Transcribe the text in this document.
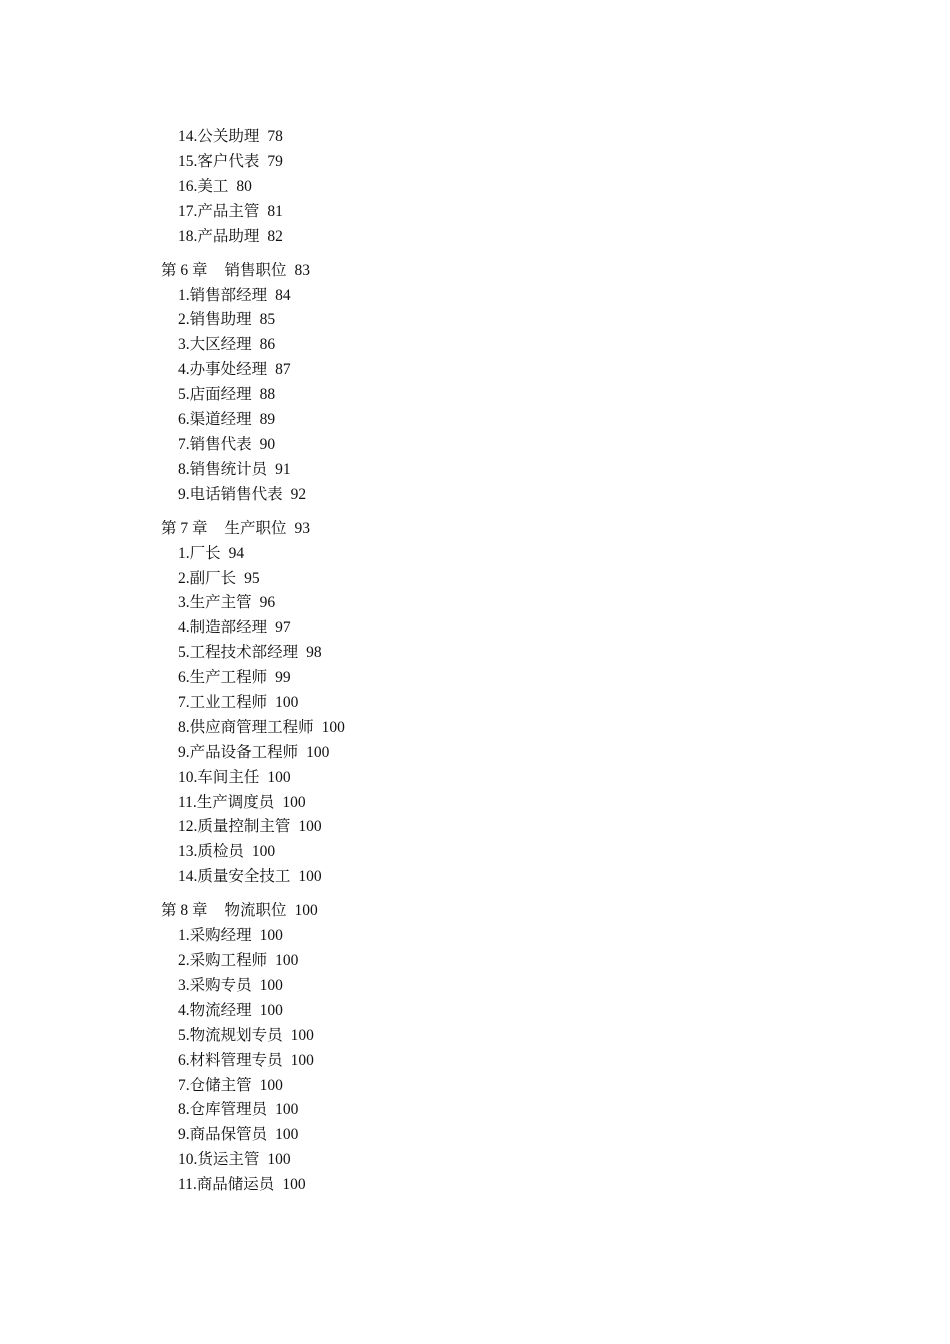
14.公关助理 78
15.客户代表 79
16.美工 80
17.产品主管 81
18.产品助理 82
第 6 章 销售职位 83
1.销售部经理 84
2.销售助理 85
3.大区经理 86
4.办事处经理 87
5.店面经理 88
6.渠道经理 89
7.销售代表 90
8.销售统计员 91
9.电话销售代表 92
第 7 章 生产职位 93
1.厂长 94
2.副厂长 95
3.生产主管 96
4.制造部经理 97
5.工程技术部经理 98
6.生产工程师 99
7.工业工程师 100
8.供应商管理工程师 100
9.产品设备工程师 100
10.车间主任 100
11.生产调度员 100
12.质量控制主管 100
13.质检员 100
14.质量安全技工 100
第 8 章 物流职位 100
1.采购经理 100
2.采购工程师 100
3.采购专员 100
4.物流经理 100
5.物流规划专员 100
6.材料管理专员 100
7.仓储主管 100
8.仓库管理员 100
9.商品保管员 100
10.货运主管 100
11.商品储运员 100
